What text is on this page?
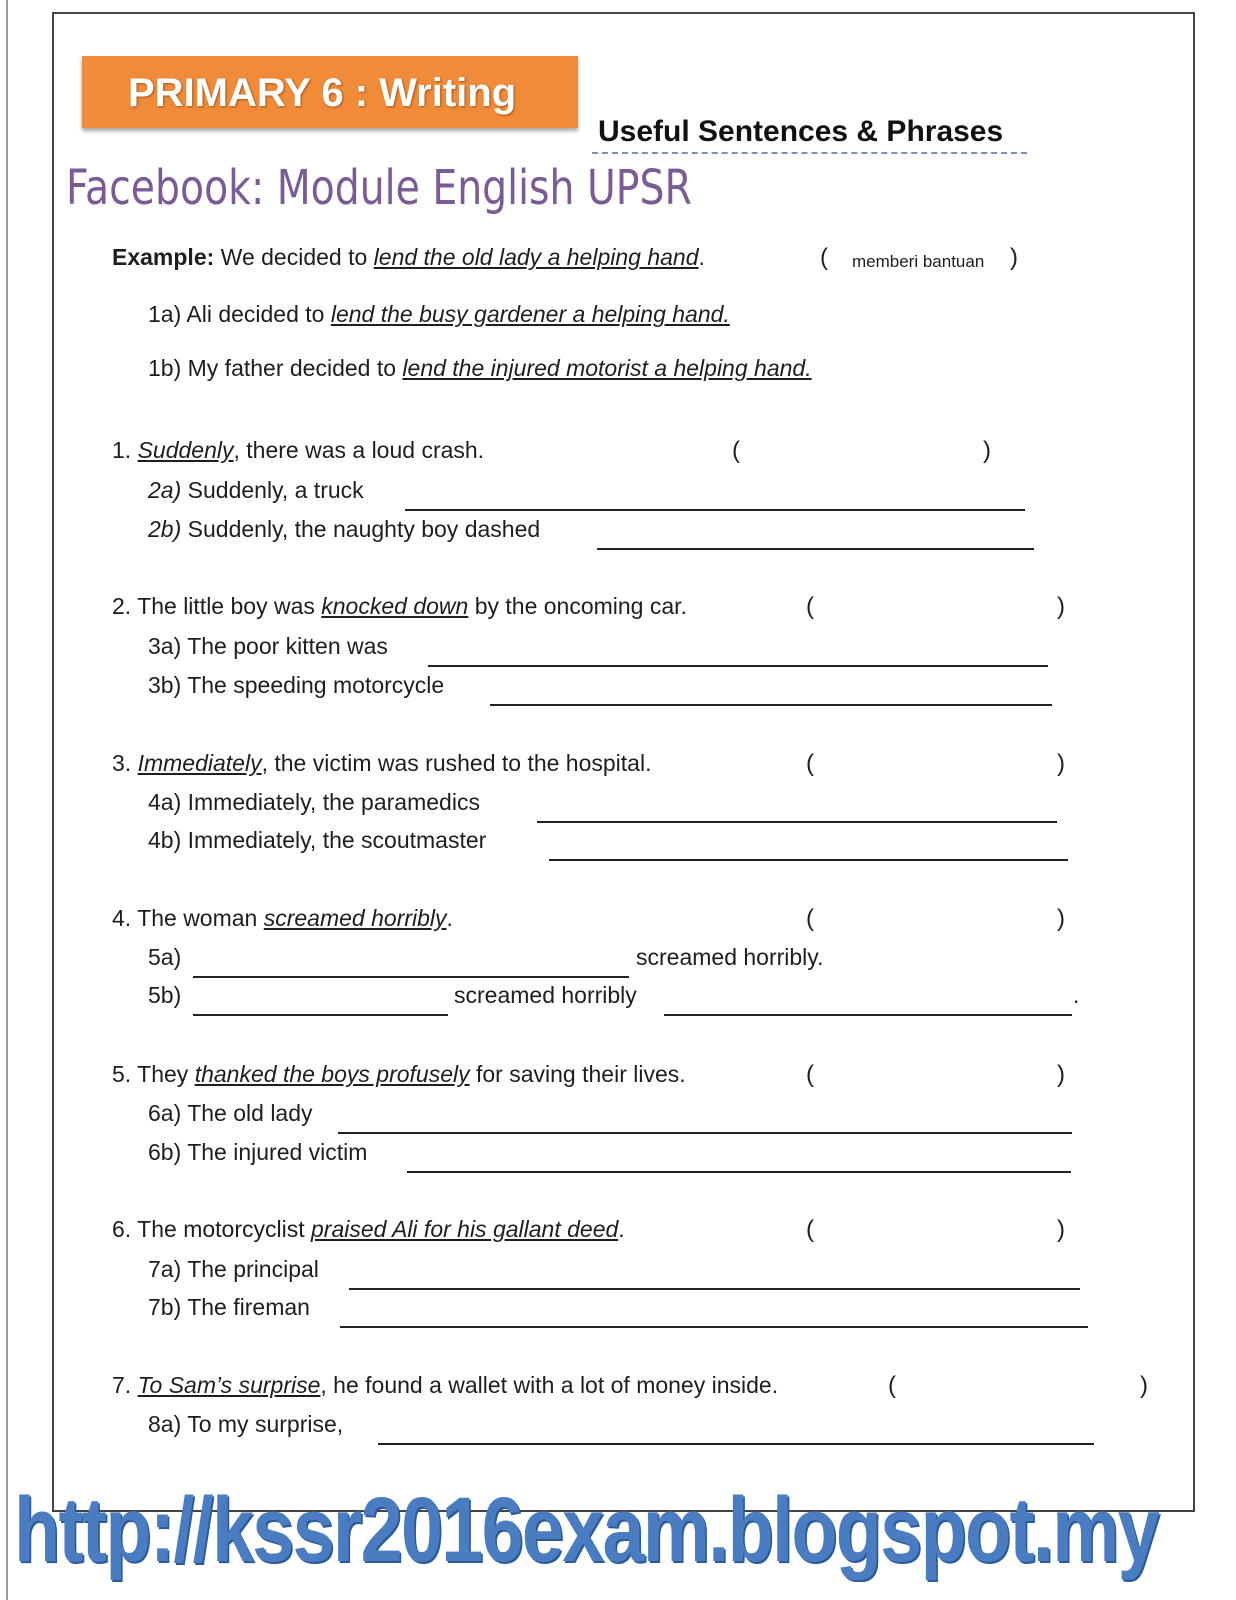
PRIMARY 6 : Writing
Useful Sentences & Phrases
Facebook: Module English UPSR
Example: We decided to lend the old lady a helping hand.	( memberi bantuan )
1a) Ali decided to lend the busy gardener a helping hand.
1b) My father decided to lend the injured motorist a helping hand.
1. Suddenly, there was a loud crash.	(	)
2a) Suddenly, a truck
2b) Suddenly, the naughty boy dashed
2. The little boy was knocked down by the oncoming car.	(	)
3a) The poor kitten was
3b) The speeding motorcycle
3. Immediately, the victim was rushed to the hospital.	(	)
4a) Immediately, the paramedics
4b) Immediately, the scoutmaster
4. The woman screamed horribly.	(	)
5a)	screamed horribly.
5b)	screamed horribly	.
5. They thanked the boys profusely for saving their lives.	(	)
6a) The old lady
6b) The injured victim
6. The motorcyclist praised Ali for his gallant deed.	(	)
7a) The principal
7b) The fireman
7. To Sam’s surprise, he found a wallet with a lot of money inside.	(	)
8a) To my surprise,
http://kssr2016exam.blogspot.my
